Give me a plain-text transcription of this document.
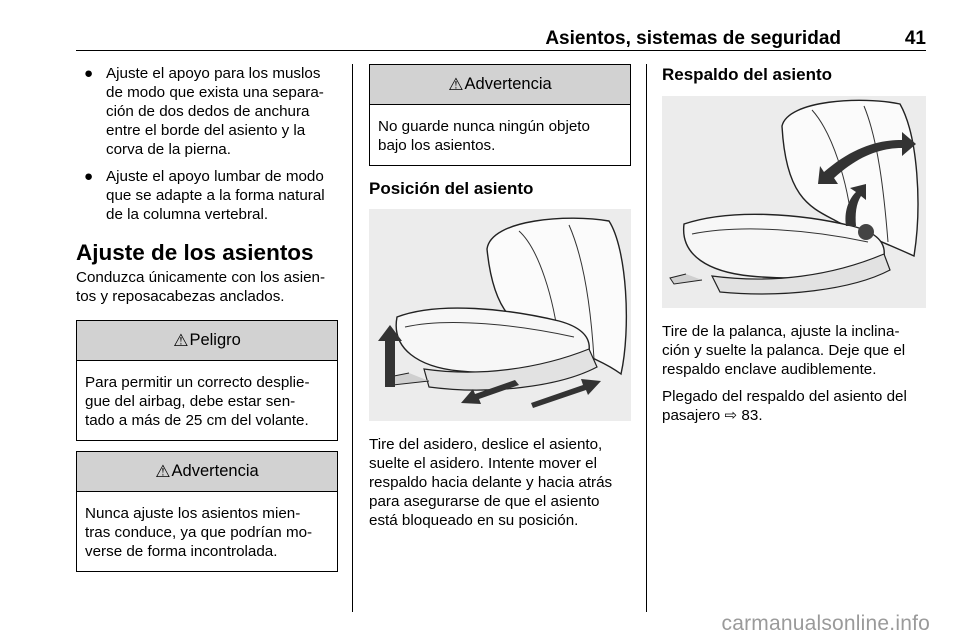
Asientos, sistemas de seguridad	41
● Ajuste el apoyo para los muslos
de modo que exista una separa-
ción de dos dedos de anchura
entre el borde del asiento y la
corva de la pierna.
● Ajuste el apoyo lumbar de modo
que se adapte a la forma natural
de la columna vertebral.
Ajuste de los asientos
Conduzca únicamente con los asien-
tos y reposacabezas anclados.
⚠ Peligro
Para permitir un correcto desplie-
gue del airbag, debe estar sen-
tado a más de 25 cm del volante.
⚠ Advertencia
Nunca ajuste los asientos mien-
tras conduce, ya que podrían mo-
verse de forma incontrolada.
⚠ Advertencia
No guarde nunca ningún objeto
bajo los asientos.
Posición del asiento
Tire del asidero, deslice el asiento,
suelte el asidero. Intente mover el
respaldo hacia delante y hacia atrás
para asegurarse de que el asiento
está bloqueado en su posición.
Respaldo del asiento
Tire de la palanca, ajuste la inclina-
ción y suelte la palanca. Deje que el
respaldo enclave audiblemente.
Plegado del respaldo del asiento del
pasajero ⇨ 83.
carmanualsonline.info
